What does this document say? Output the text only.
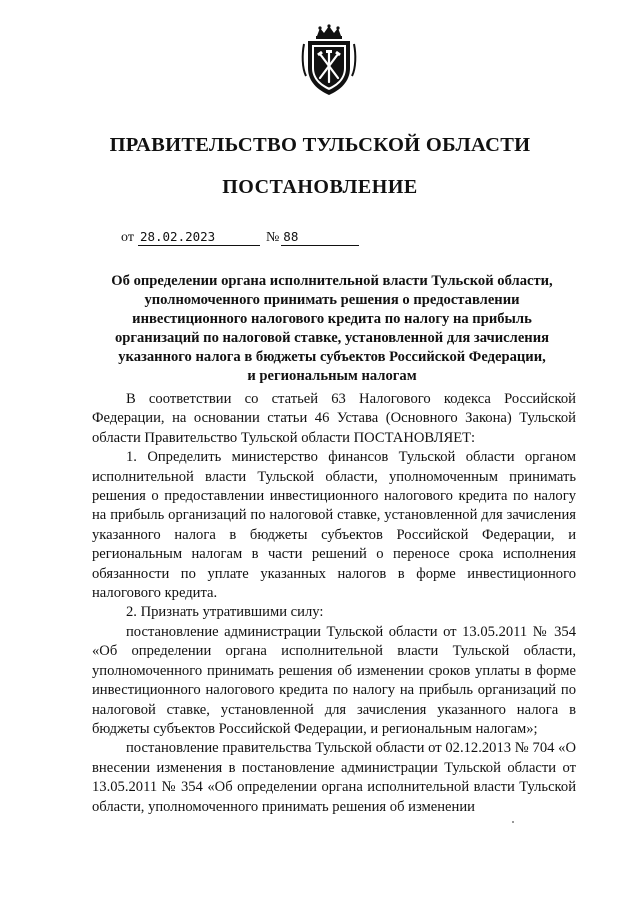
ПРАВИТЕЛЬСТВО ТУЛЬСКОЙ ОБЛАСТИ
ПОСТАНОВЛЕНИЕ
от 28.02.2023	№ 88
Об определении органа исполнительной власти Тульской области,
уполномоченного принимать решения о предоставлении
инвестиционного налогового кредита по налогу на прибыль
организаций по налоговой ставке, установленной для зачисления
указанного налога в бюджеты субъектов Российской Федерации,
и региональным налогам

В соответствии со статьей 63 Налогового кодекса Российской Федерации, на основании статьи 46 Устава (Основного Закона) Тульской области Правительство Тульской области ПОСТАНОВЛЯЕТ:

1. Определить министерство финансов Тульской области органом исполнительной власти Тульской области, уполномоченным принимать решения о предоставлении инвестиционного налогового кредита по налогу на прибыль организаций по налоговой ставке, установленной для зачисления указанного налога в бюджеты субъектов Российской Федерации, и региональным налогам в части решений о переносе срока исполнения обязанности по уплате указанных налогов в форме инвестиционного налогового кредита.

2. Признать утратившими силу:

постановление администрации Тульской области от 13.05.2011 № 354 «Об определении органа исполнительной власти Тульской области, уполномоченного принимать решения об изменении сроков уплаты в форме инвестиционного налогового кредита по налогу на прибыль организаций по налоговой ставке, установленной для зачисления указанного налога в бюджеты субъектов Российской Федерации, и региональным налогам»;

постановление правительства Тульской области от 02.12.2013 № 704 «О внесении изменения в постановление администрации Тульской области от 13.05.2011 № 354 «Об определении органа исполнительной власти Тульской области, уполномоченного принимать решения об изменении
